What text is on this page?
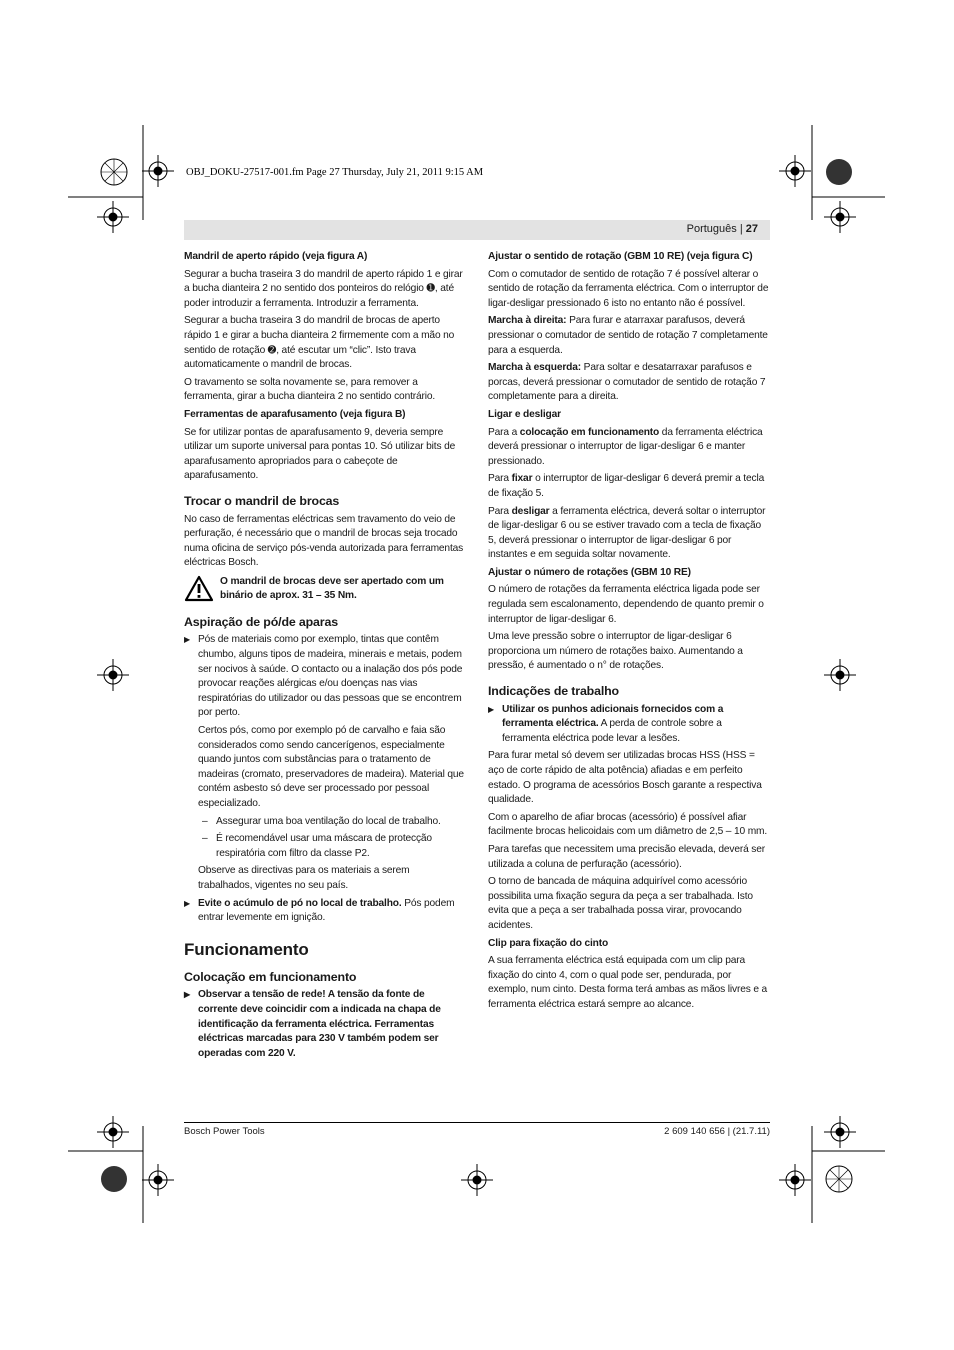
OBJ_DOKU-27517-001.fm Page 27 Thursday, July 21, 2011 9:15 AM
Português | 27
Mandril de aperto rápido (veja figura A)

Segurar a bucha traseira 3 do mandril de aperto rápido 1 e girar a bucha dianteira 2 no sentido dos ponteiros do relógio ➊, até poder introduzir a ferramenta. Introduzir a ferramenta.

Segurar a bucha traseira 3 do mandril de brocas de aperto rápido 1 e girar a bucha dianteira 2 firmemente com a mão no sentido de rotação ➋, até escutar um “clic”. Isto trava automaticamente o mandril de brocas.

O travamento se solta novamente se, para remover a ferramenta, girar a bucha dianteira 2 no sentido contrário.

Ferramentas de aparafusamento (veja figura B)

Se for utilizar pontas de aparafusamento 9, deveria sempre utilizar um suporte universal para pontas 10. Só utilizar bits de aparafusamento apropriados para o cabeçote de aparafusamento.

Trocar o mandril de brocas

No caso de ferramentas eléctricas sem travamento do veio de perfuração, é necessário que o mandril de brocas seja trocado numa oficina de serviço pós-venda autorizada para ferramentas eléctricas Bosch.

O mandril de brocas deve ser apertado com um binário de aprox. 31 – 35 Nm.
Aspiração de pó/de aparas

▶ Pós de materiais como por exemplo, tintas que contêm chumbo, alguns tipos de madeira, minerais e metais, podem ser nocivos à saúde. O contacto ou a inalação dos pós pode provocar reações alérgicas e/ou doenças nas vias respiratórias do utilizador ou das pessoas que se encontrem por perto.

Certos pós, como por exemplo pó de carvalho e faia são considerados como sendo cancerígenos, especialmente quando juntos com substâncias para o tratamento de madeiras (cromato, preservadores de madeira). Material que contém asbesto só deve ser processado por pessoal especializado.

– Assegurar uma boa ventilação do local de trabalho.

– É recomendável usar uma máscara de protecção respiratória com filtro da classe P2.

Observe as directivas para os materiais a serem trabalhados, vigentes no seu país.

▶ Evite o acúmulo de pó no local de trabalho. Pós podem entrar levemente em ignição.

Funcionamento
Colocação em funcionamento

▶ Observar a tensão de rede! A tensão da fonte de corrente deve coincidir com a indicada na chapa de identificação da ferramenta eléctrica. Ferramentas eléctricas marcadas para 230 V também podem ser operadas com 220 V.

Ajustar o sentido de rotação (GBM 10 RE) (veja figura C)

Com o comutador de sentido de rotação 7 é possível alterar o sentido de rotação da ferramenta eléctrica. Com o interruptor de ligar-desligar pressionado 6 isto no entanto não é possível.

Marcha à direita: Para furar e atarraxar parafusos, deverá pressionar o comutador de sentido de rotação 7 completamente para a esquerda.

Marcha à esquerda: Para soltar e desatarraxar parafusos e porcas, deverá pressionar o comutador de sentido de rotação 7 completamente para a direita.

Ligar e desligar

Para a colocação em funcionamento da ferramenta eléctrica deverá pressionar o interruptor de ligar-desligar 6 e manter pressionado.

Para fixar o interruptor de ligar-desligar 6 deverá premir a tecla de fixação 5.

Para desligar a ferramenta eléctrica, deverá soltar o interruptor de ligar-desligar 6 ou se estiver travado com a tecla de fixação 5, deverá pressionar o interruptor de ligar-desligar 6 por instantes e em seguida soltar novamente.

Ajustar o número de rotações (GBM 10 RE)

O número de rotações da ferramenta eléctrica ligada pode ser regulada sem escalonamento, dependendo de quanto premir o interruptor de ligar-desligar 6.

Uma leve pressão sobre o interruptor de ligar-desligar 6 proporciona um número de rotações baixo. Aumentando a pressão, é aumentado o n° de rotações.

Indicações de trabalho

▶ Utilizar os punhos adicionais fornecidos com a ferramenta eléctrica. A perda de controle sobre a ferramenta eléctrica pode levar a lesões.

Para furar metal só devem ser utilizadas brocas HSS (HSS = aço de corte rápido de alta potência) afiadas e em perfeito estado. O programa de acessórios Bosch garante a respectiva qualidade.

Com o aparelho de afiar brocas (acessório) é possível afiar facilmente brocas helicoidais com um diâmetro de 2,5 – 10 mm.

Para tarefas que necessitem uma precisão elevada, deverá ser utilizada a coluna de perfuração (acessório).

O torno de bancada de máquina adquirível como acessório possibilita uma fixação segura da peça a ser trabalhada. Isto evita que a peça a ser trabalhada possa virar, provocando acidentes.

Clip para fixação do cinto

A sua ferramenta eléctrica está equipada com um clip para fixação do cinto 4, com o qual pode ser, pendurada, por exemplo, num cinto. Desta forma terá ambas as mãos livres e a ferramenta eléctrica estará sempre ao alcance.

Bosch Power Tools	2 609 140 656 | (21.7.11)
